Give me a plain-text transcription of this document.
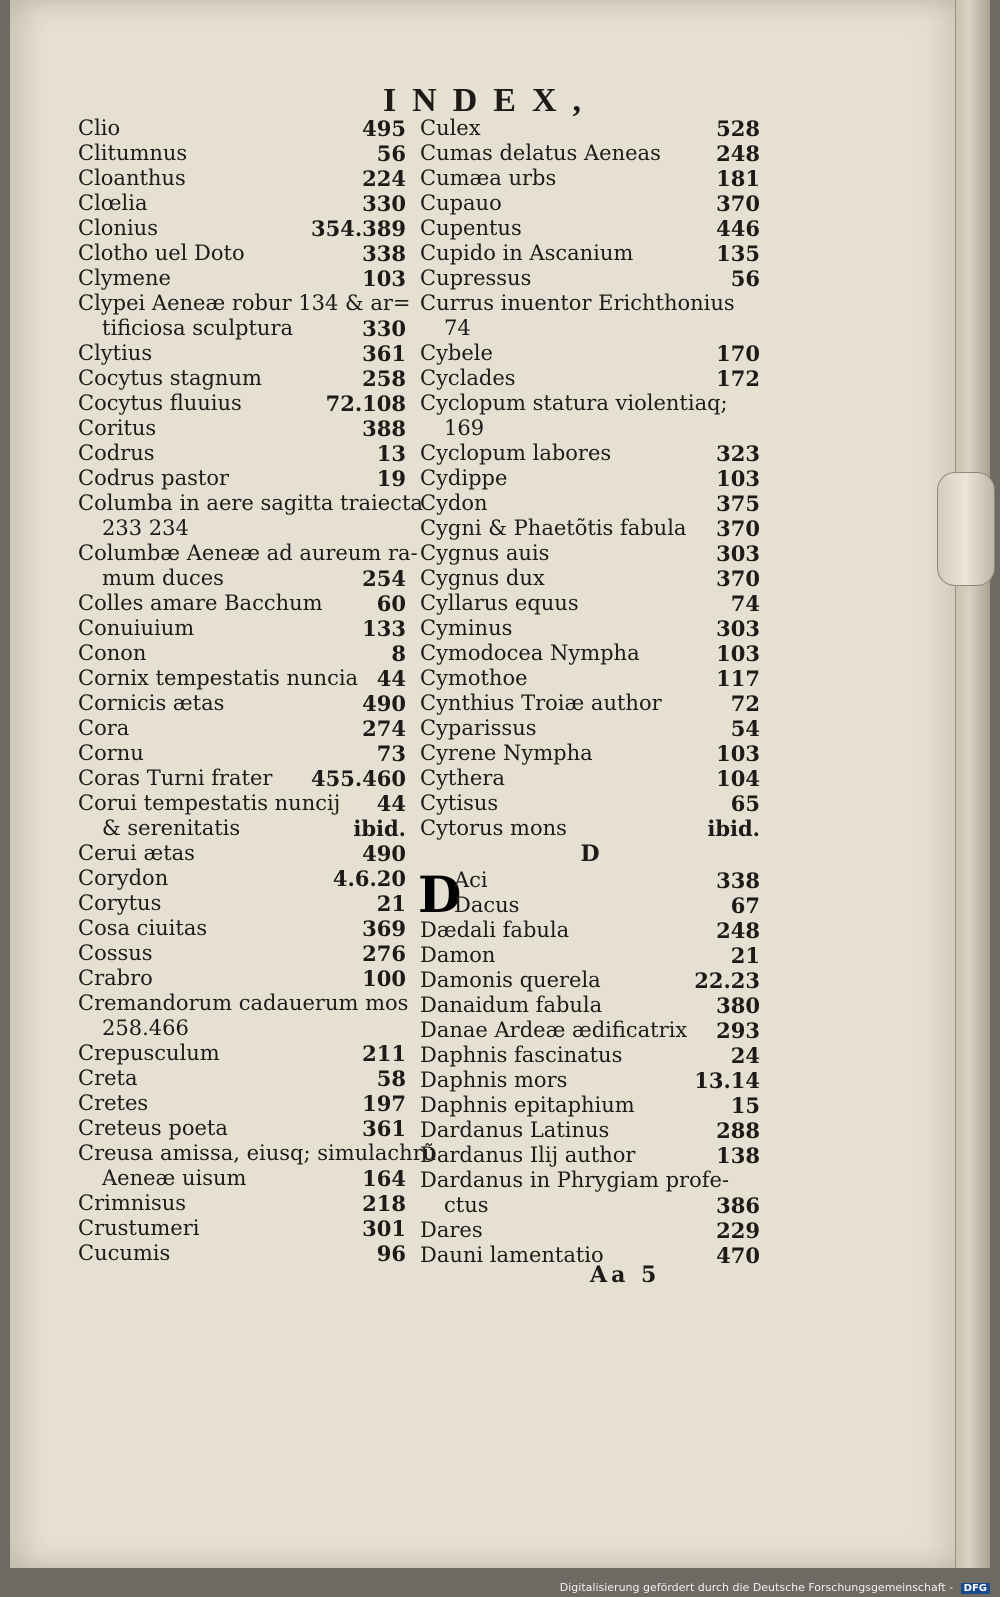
INDEX,
Clio	495
Clitumnus	56
Cloanthus	224
Clœlia	330
Clonius	354.389
Clotho uel Doto	338
Clymene	103
Clypei Aeneæ robur 134 & ar=
tificiosa sculptura	330
Clytius	361
Cocytus stagnum	258
Cocytus fluuius	72.108
Coritus	388
Codrus	13
Codrus pastor	19
Columba in aere sagitta traiecta
233 234
Columbæ Aeneæ ad aureum ra-
mum duces	254
Colles amare Bacchum	60
Conuiuium	133
Conon	8
Cornix tempestatis nuncia 44
Cornicis ætas	490
Cora	274
Cornu	73
Coras Turni frater 455.460
Corui tempestatis nuncij 44
& serenitatis	ibid.
Cerui ætas	490
Corydon	4.6.20
Corytus	21
Cosa ciuitas	369
Cossus	276
Crabro	100
Cremandorum cadauerum mos
258.466
Crepusculum	211
Creta	58
Cretes	197
Creteus poeta	361
Creusa amissa, eiusq; simulachrũ
Aeneæ uisum	164
Crimnisus	218
Crustumeri	301
Cucumis	96
Culex	528
Cumas delatus Aeneas	248
Cumæa urbs	181
Cupauo	370
Cupentus	446
Cupido in Ascanium	135
Cupressus	56
Currus inuentor Erichthonius
74
Cybele	170
Cyclades	172
Cyclopum statura violentiaq;
169
Cyclopum labores	323
Cydippe	103
Cydon	375
Cygni & Phaetõtis fabula 370
Cygnus auis	303
Cygnus dux	370
Cyllarus equus	74
Cyminus	303
Cymodocea Nympha	103
Cymothoe	117
Cynthius Troiæ author	72
Cyparissus	54
Cyrene Nympha	103
Cythera	104
Cytisus	65
Cytorus mons	ibid.
D
D
Aci	338
Dacus	67
Dædali fabula	248
Damon	21
Damonis querela	22.23
Danaidum fabula	380
Danae Ardeæ ædificatrix 293
Daphnis fascinatus	24
Daphnis mors	13.14
Daphnis epitaphium	15
Dardanus Latinus	288
Dardanus Ilij author	138
Dardanus in Phrygiam profe-
ctus	386
Dares	229
Dauni lamentatio	470
Aa 5
Digitalisierung gefördert durch die Deutsche Forschungsgemeinschaft - DFG
